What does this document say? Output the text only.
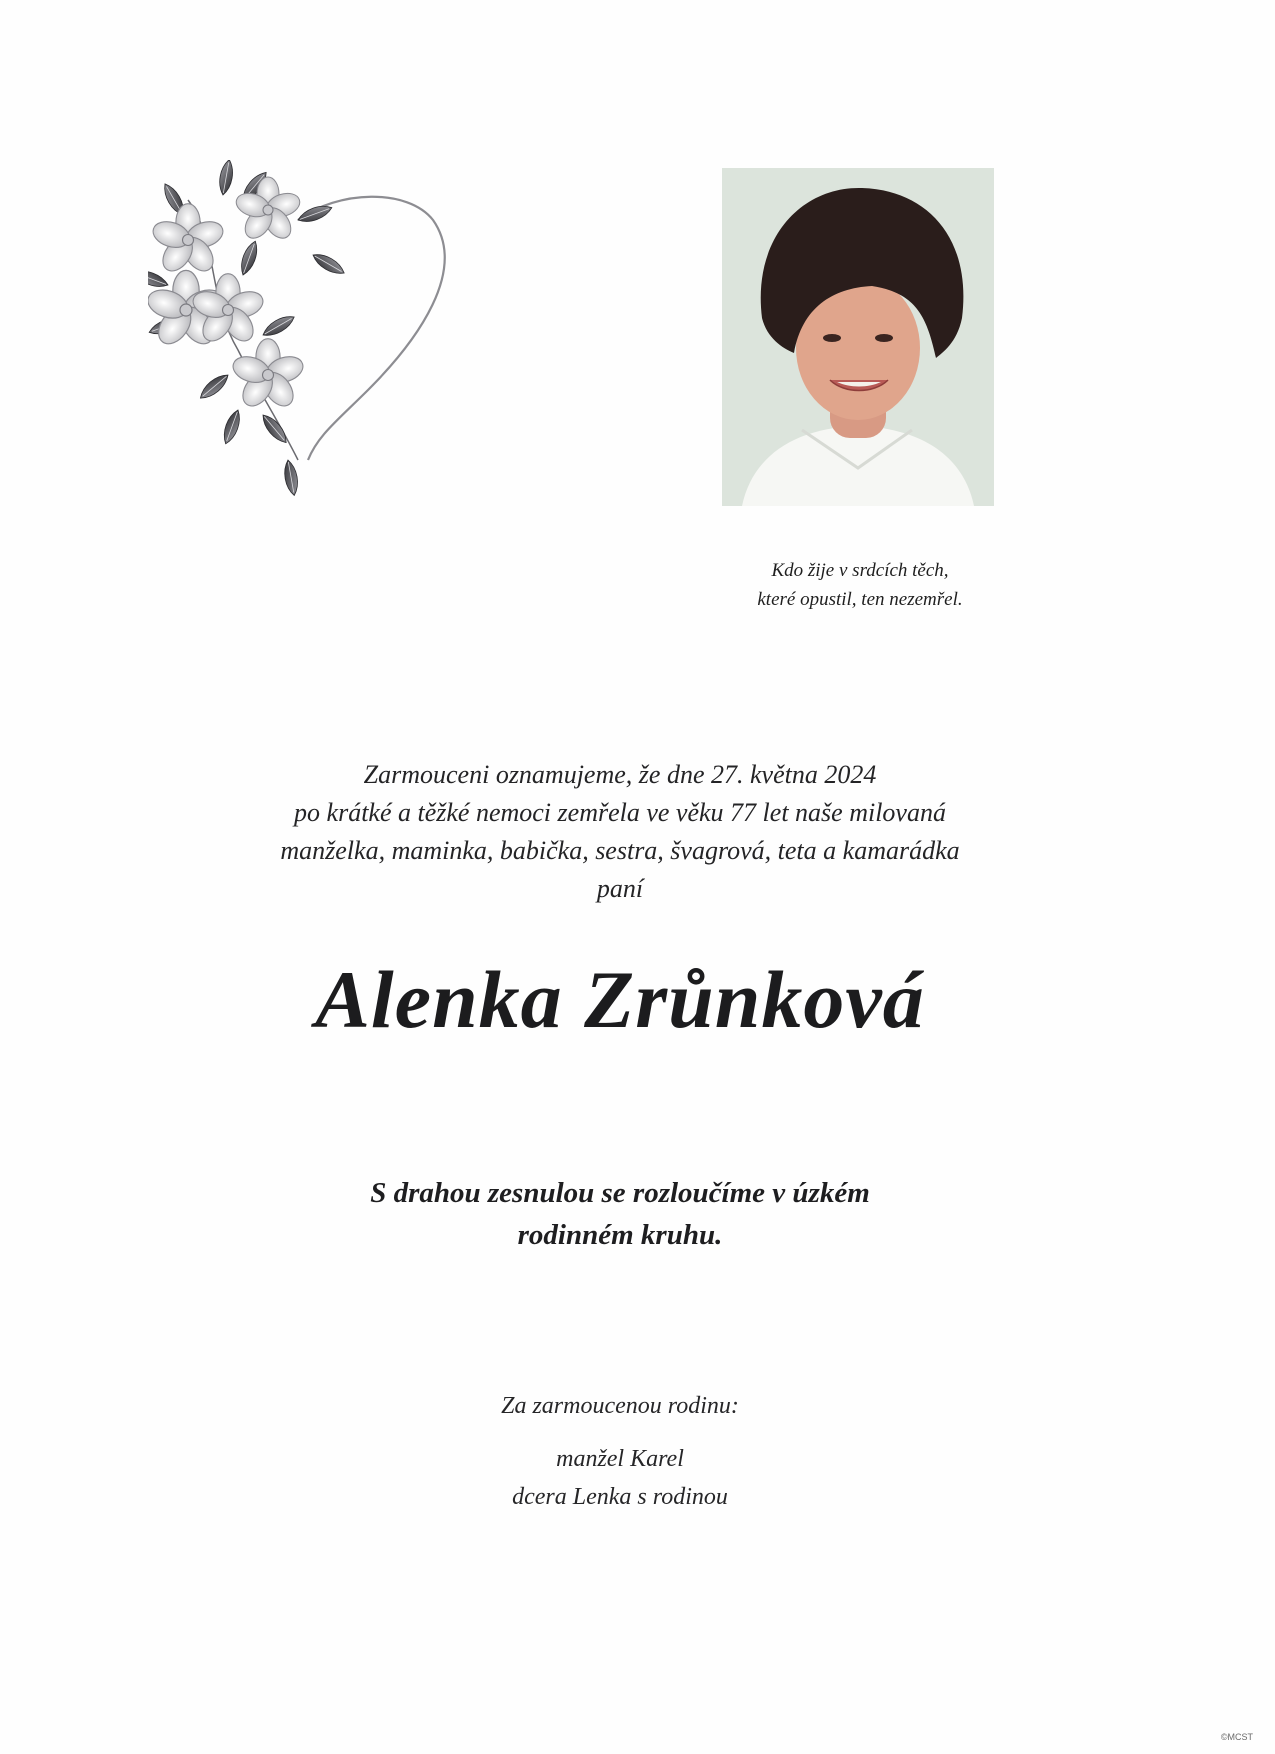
Kdo žije v srdcích těch,
které opustil, ten nezemřel.
Zarmouceni oznamujeme, že dne 27. května 2024
po krátké a těžké nemoci zemřela ve věku 77 let naše milovaná
manželka, maminka, babička, sestra, švagrová, teta a kamarádka
paní
Alenka Zrůnková
S drahou zesnulou se rozloučíme v úzkém
rodinném kruhu.
Za zarmoucenou rodinu:
manžel Karel
dcera Lenka s rodinou
©MCST
